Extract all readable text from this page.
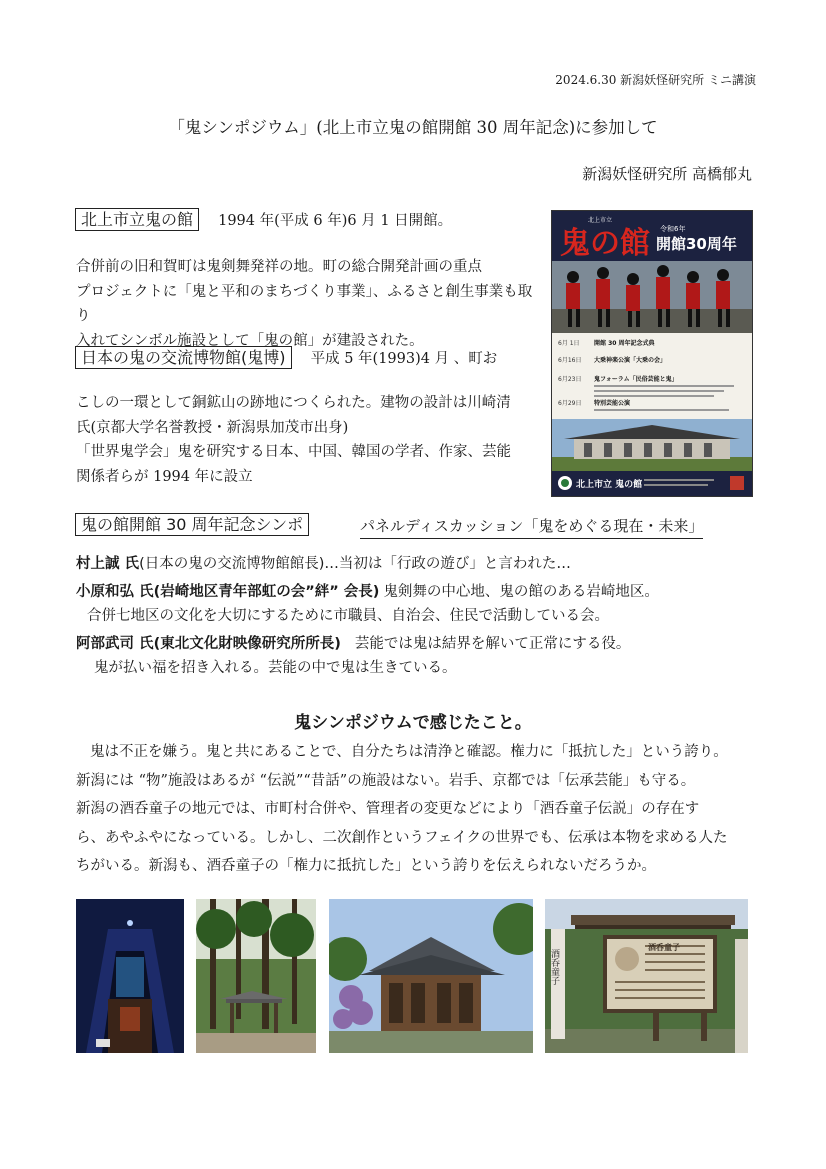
2024.6.30 新潟妖怪研究所 ミニ講演
「鬼シンポジウム」(北上市立鬼の館開館 30 周年記念)に参加して
新潟妖怪研究所 高橋郁丸
北上市立鬼の館 1994 年(平成 6 年)6 月 1 日開館。

合併前の旧和賀町は鬼剣舞発祥の地。町の総合開発計画の重点

プロジェクトに「鬼と平和のまちづくり事業」、ふるさと創生事業も取り

入れてシンボル施設として「鬼の館」が建設された。

日本の鬼の交流博物館(鬼博) 平成 5 年(1993)4 月 、町お

こしの一環として銅鉱山の跡地につくられた。建物の設計は川崎清

氏(京都大学名誉教授・新潟県加茂市出身)

「世界鬼学会」鬼を研究する日本、中国、韓国の学者、作家、芸能

関係者らが 1994 年に設立

北上市立
鬼の館 令和6年
開館30周年
6月 1日 開館 30 周年記念式典
6月16日 大乗神楽公演「大乗の会」
6月23日 鬼フォーラム「民俗芸能と鬼」
6月29日 特別芸能公演
北上市立 鬼の館
鬼の館開館 30 周年記念シンポ	パネルディスカッション「鬼をめぐる現在・未来」
村上誠 氏(日本の鬼の交流博物館館長)…当初は「行政の遊び」と言われた…
小原和弘 氏(岩崎地区青年部虹の会”絆” 会長) 鬼剣舞の中心地、鬼の館のある岩崎地区。
合併七地区の文化を大切にするために市職員、自治会、住民で活動している会。
阿部武司 氏(東北文化財映像研究所所長) 芸能では鬼は結界を解いて正常にする役。
鬼が払い福を招き入れる。芸能の中で鬼は生きている。
鬼シンポジウムで感じたこと。

鬼は不正を嫌う。鬼と共にあることで、自分たちは清浄と確認。権力に「抵抗した」という誇り。

新潟には “物”施設はあるが “伝説”“昔話”の施設はない。岩手、京都では「伝承芸能」も守る。

新潟の酒呑童子の地元では、市町村合併や、管理者の変更などにより「酒呑童子伝説」の存在す

ら、あやふやになっている。しかし、二次創作というフェイクの世界でも、伝承は本物を求める人た

ちがいる。新潟も、酒呑童子の「権力に抵抗した」という誇りを伝えられないだろうか。

酒呑童子
酒呑童子
